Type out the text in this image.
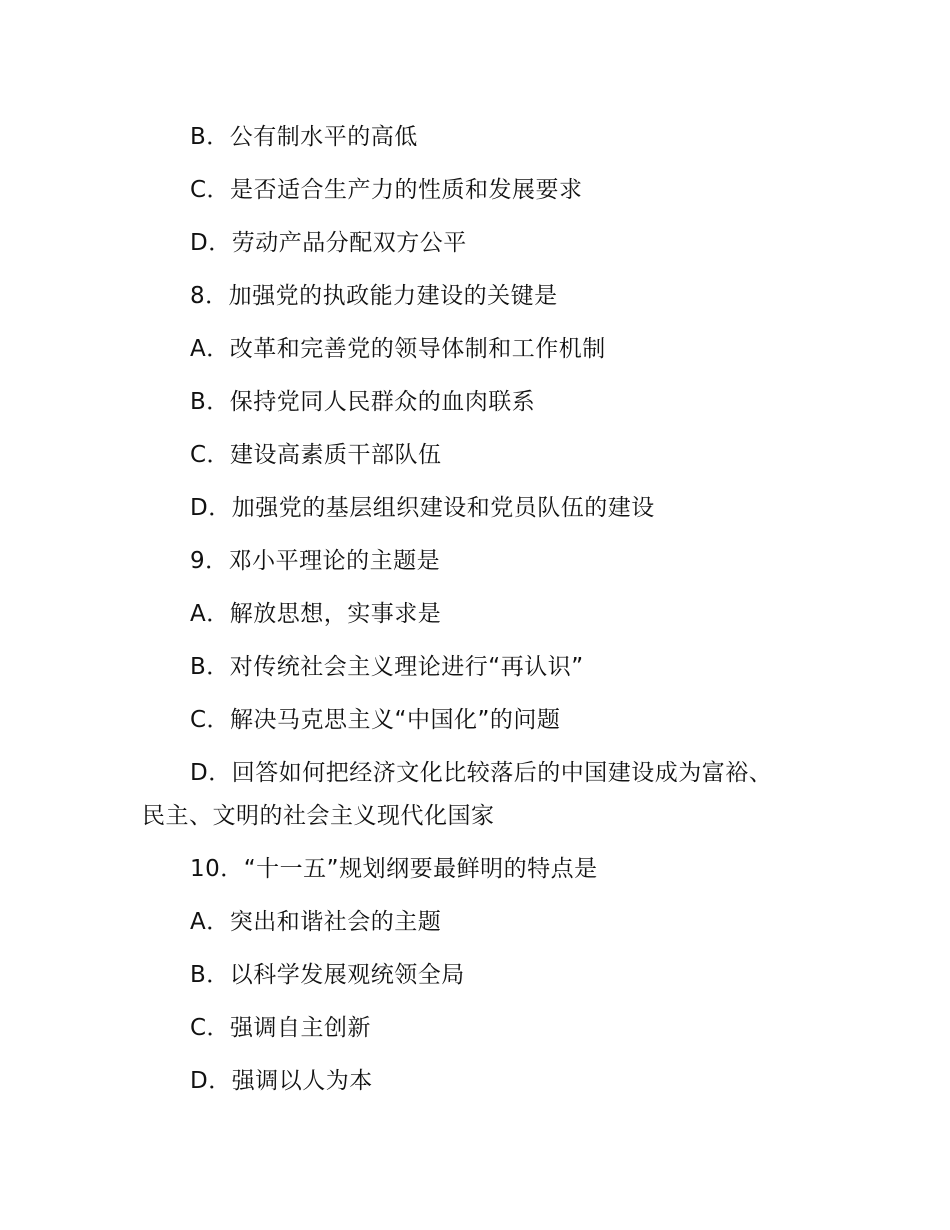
B．公有制水平的高低
C．是否适合生产力的性质和发展要求
D．劳动产品分配双方公平
8．加强党的执政能力建设的关键是
A．改革和完善党的领导体制和工作机制
B．保持党同人民群众的血肉联系
C．建设高素质干部队伍
D．加强党的基层组织建设和党员队伍的建设
9．邓小平理论的主题是
A．解放思想，实事求是
B．对传统社会主义理论进行“再认识”
C．解决马克思主义“中国化”的问题
D．回答如何把经济文化比较落后的中国建设成为富裕、
民主、文明的社会主义现代化国家
10．“十一五”规划纲要最鲜明的特点是
A．突出和谐社会的主题
B．以科学发展观统领全局
C．强调自主创新
D．强调以人为本
